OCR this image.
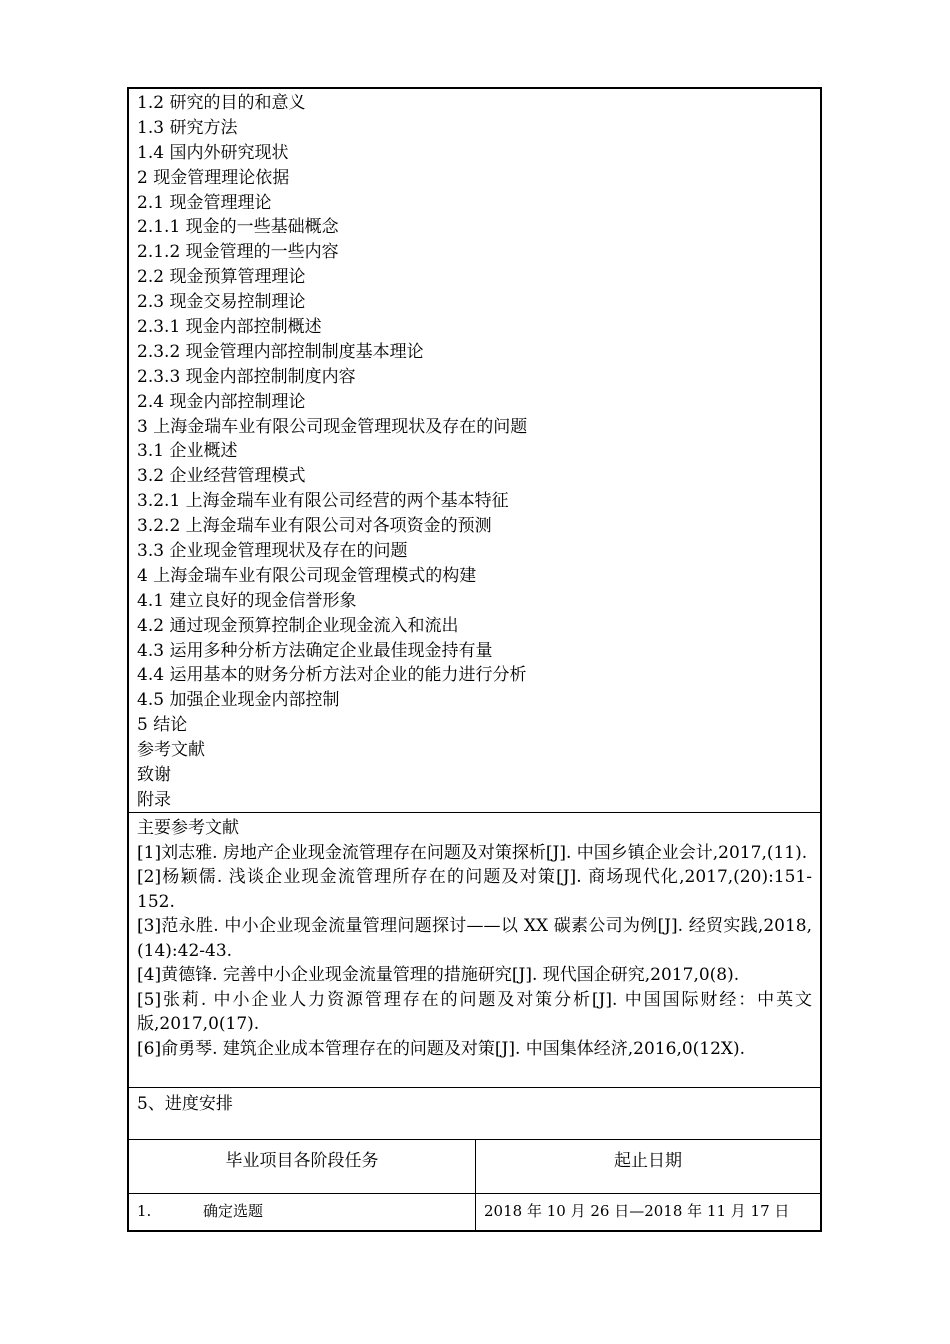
1.2 研究的目的和意义
1.3 研究方法
1.4 国内外研究现状
2 现金管理理论依据
2.1 现金管理理论
2.1.1 现金的一些基础概念
2.1.2 现金管理的一些内容
2.2 现金预算管理理论
2.3 现金交易控制理论
2.3.1 现金内部控制概述
2.3.2 现金管理内部控制制度基本理论
2.3.3 现金内部控制制度内容
2.4 现金内部控制理论
3 上海金瑞车业有限公司现金管理现状及存在的问题
3.1 企业概述
3.2 企业经营管理模式
3.2.1 上海金瑞车业有限公司经营的两个基本特征
3.2.2 上海金瑞车业有限公司对各项资金的预测
3.3 企业现金管理现状及存在的问题
4 上海金瑞车业有限公司现金管理模式的构建
4.1 建立良好的现金信誉形象
4.2 通过现金预算控制企业现金流入和流出
4.3 运用多种分析方法确定企业最佳现金持有量
4.4 运用基本的财务分析方法对企业的能力进行分析
4.5 加强企业现金内部控制
5 结论
参考文献
致谢
附录
主要参考文献
[1]刘志雅. 房地产企业现金流管理存在问题及对策探析[J]. 中国乡镇企业会计,2017,(11).
[2]杨颖儒. 浅谈企业现金流管理所存在的问题及对策[J]. 商场现代化,2017,(20):151-152.
[3]范永胜. 中小企业现金流量管理问题探讨——以 XX 碳素公司为例[J]. 经贸实践,2018,(14):42-43.
[4]黄德锋. 完善中小企业现金流量管理的措施研究[J]. 现代国企研究,2017,0(8).
[5]张莉. 中小企业人力资源管理存在的问题及对策分析[J]. 中国国际财经：中英文版,2017,0(17).
[6]俞勇琴. 建筑企业成本管理存在的问题及对策[J]. 中国集体经济,2016,0(12X).
5、进度安排
毕业项目各阶段任务	起止日期
1.	确定选题	2018 年 10 月 26 日—2018 年 11 月 17 日
